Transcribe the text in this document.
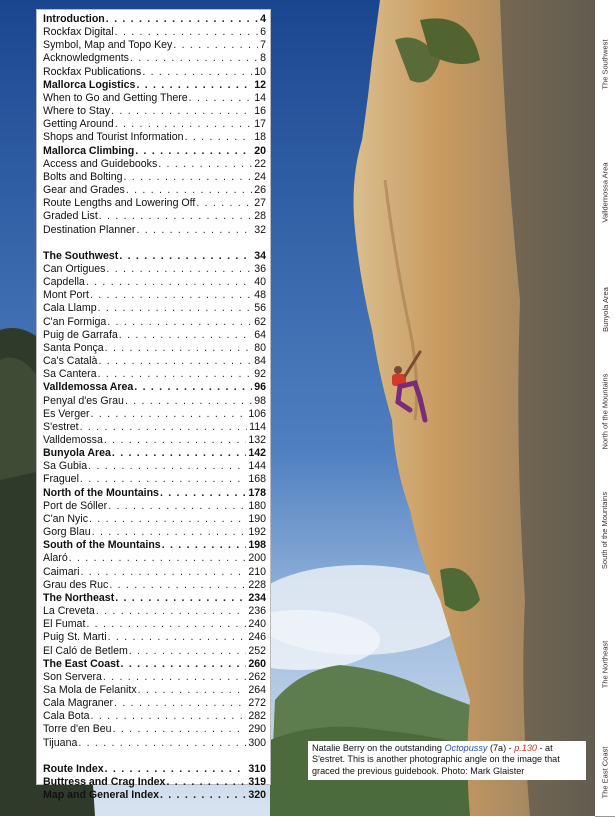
The Southwest
Valldemossa Area
Bunyola Area
North of the Mountains
South of the Mountains
The Northeast
The East Coast
Introduction . . .	4
Rockfax Digital . . .	6
Symbol, Map and Topo Key . . .	7
Acknowledgments . . .	8
Rockfax Publications . . .	10
Mallorca Logistics . . .	12
When to Go and Getting There . . .	14
Where to Stay . . .	16
Getting Around . . .	17
Shops and Tourist Information . . .	18
Mallorca Climbing . . .	20
Access and Guidebooks . . .	22
Bolts and Bolting . . .	24
Gear and Grades . . .	26
Route Lengths and Lowering Off . . .	27
Graded List . . .	28
Destination Planner . . .	32
The Southwest . . .	34
Can Ortigues . . .	36
Capdella . . .	40
Mont Port . . .	48
Cala Llamp . . .	56
C'an Formiga . . .	62
Puig de Garrafa . . .	64
Santa Ponça . . .	80
Ca's Català . . .	84
Sa Cantera . . .	92
Valldemossa Area . . .	96
Penyal d'es Grau . . .	98
Es Verger . . .	106
S'estret . . .	114
Valldemossa . . .	132
Bunyola Area . . .	142
Sa Gubia . . .	144
Fraguel . . .	168
North of the Mountains . . .	178
Port de Sóller . . .	180
C'an Nyic . . .	190
Gorg Blau . . .	192
South of the Mountains . . .	198
Alaró . . .	200
Caimari . . .	210
Grau des Ruc . . .	228
The Northeast . . .	234
La Creveta . . .	236
El Fumat . . .	240
Puig St. Marti . . .	246
El Caló de Betlem . . .	252
The East Coast . . .	260
Son Servera . . .	262
Sa Mola de Felanitx . . .	264
Cala Magraner . . .	272
Cala Bota . . .	282
Torre d'en Beu . . .	290
Tijuana . . .	300
Route Index . . .	310
Buttress and Crag Index . . .	319
Map and General Index . . .	320
Natalie Berry on the outstanding Octopussy (7a) - p.130 - at S'estret. This is another photographic angle on the image that graced the previous guidebook. Photo: Mark Glaister
